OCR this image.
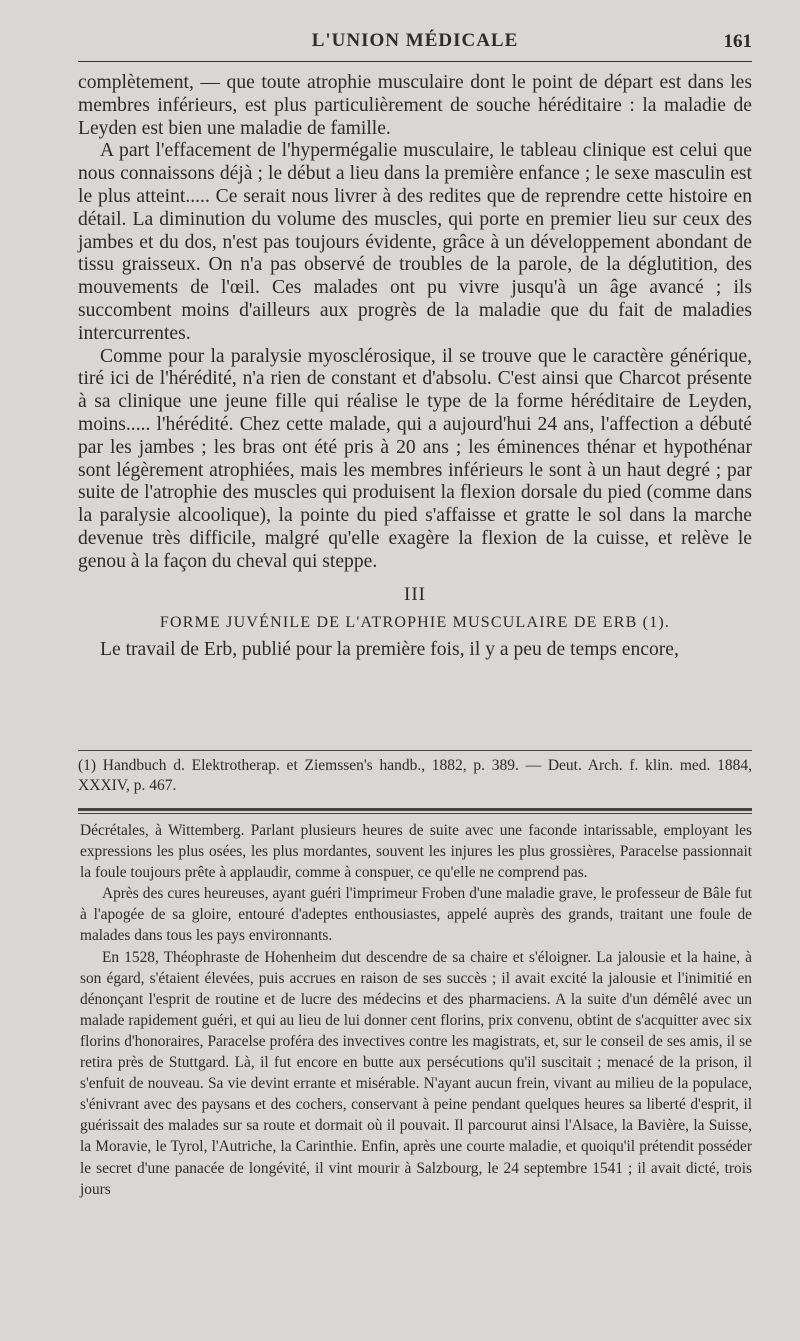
L'UNION MÉDICALE	161

complètement, — que toute atrophie musculaire dont le point de départ est dans les membres inférieurs, est plus particulièrement de souche héréditaire : la maladie de Leyden est bien une maladie de famille.

A part l'effacement de l'hypermégalie musculaire, le tableau clinique est celui que nous connaissons déjà ; le début a lieu dans la première enfance ; le sexe masculin est le plus atteint..... Ce serait nous livrer à des redites que de reprendre cette histoire en détail. La diminution du volume des muscles, qui porte en premier lieu sur ceux des jambes et du dos, n'est pas toujours évidente, grâce à un développement abondant de tissu graisseux. On n'a pas observé de troubles de la parole, de la déglutition, des mouvements de l'œil. Ces malades ont pu vivre jusqu'à un âge avancé ; ils succombent moins d'ailleurs aux progrès de la maladie que du fait de maladies intercurrentes.

Comme pour la paralysie myosclérosique, il se trouve que le caractère générique, tiré ici de l'hérédité, n'a rien de constant et d'absolu. C'est ainsi que Charcot présente à sa clinique une jeune fille qui réalise le type de la forme héréditaire de Leyden, moins..... l'hérédité. Chez cette malade, qui a aujourd'hui 24 ans, l'affection a débuté par les jambes ; les bras ont été pris à 20 ans ; les éminences thénar et hypothénar sont légèrement atrophiées, mais les membres inférieurs le sont à un haut degré ; par suite de l'atrophie des muscles qui produisent la flexion dorsale du pied (comme dans la paralysie alcoolique), la pointe du pied s'affaisse et gratte le sol dans la marche devenue très difficile, malgré qu'elle exagère la flexion de la cuisse, et relève le genou à la façon du cheval qui steppe.

III
FORME JUVÉNILE DE L'ATROPHIE MUSCULAIRE DE ERB (1).

Le travail de Erb, publié pour la première fois, il y a peu de temps encore,

(1) Handbuch d. Elektrotherap. et Ziemssen's handb., 1882, p. 389. — Deut. Arch. f. klin. med. 1884, XXXIV, p. 467.

Décrétales, à Wittemberg. Parlant plusieurs heures de suite avec une faconde intarissable, employant les expressions les plus osées, les plus mordantes, souvent les injures les plus grossières, Paracelse passionnait la foule toujours prête à applaudir, comme à conspuer, ce qu'elle ne comprend pas.

Après des cures heureuses, ayant guéri l'imprimeur Froben d'une maladie grave, le professeur de Bâle fut à l'apogée de sa gloire, entouré d'adeptes enthousiastes, appelé auprès des grands, traitant une foule de malades dans tous les pays environnants.

En 1528, Théophraste de Hohenheim dut descendre de sa chaire et s'éloigner. La jalousie et la haine, à son égard, s'étaient élevées, puis accrues en raison de ses succès ; il avait excité la jalousie et l'inimitié en dénonçant l'esprit de routine et de lucre des médecins et des pharmaciens. A la suite d'un démêlé avec un malade rapidement guéri, et qui au lieu de lui donner cent florins, prix convenu, obtint de s'acquitter avec six florins d'honoraires, Paracelse proféra des invectives contre les magistrats, et, sur le conseil de ses amis, il se retira près de Stuttgard. Là, il fut encore en butte aux persécutions qu'il suscitait ; menacé de la prison, il s'enfuit de nouveau. Sa vie devint errante et misérable. N'ayant aucun frein, vivant au milieu de la populace, s'énivrant avec des paysans et des cochers, conservant à peine pendant quelques heures sa liberté d'esprit, il guérissait des malades sur sa route et dormait où il pouvait. Il parcourut ainsi l'Alsace, la Bavière, la Suisse, la Moravie, le Tyrol, l'Autriche, la Carinthie. Enfin, après une courte maladie, et quoiqu'il prétendit posséder le secret d'une panacée de longévité, il vint mourir à Salzbourg, le 24 septembre 1541 ; il avait dicté, trois jours
